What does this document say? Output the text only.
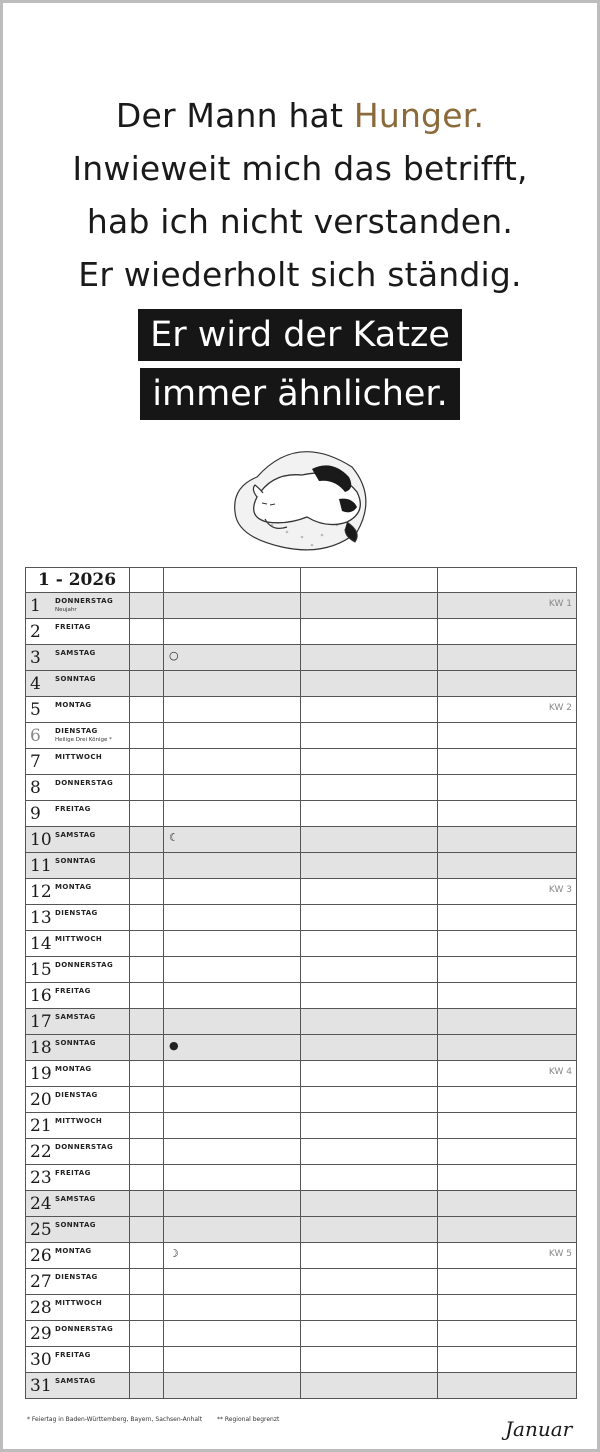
Der Mann hat Hunger.
Inwieweit mich das betrifft,
hab ich nicht verstanden.
Er wiederholt sich ständig.
Er wird der Katze
immer ähnlicher.
1 - 2026				

1 DONNERSTAG
Neujahr				KW 1

2 FREITAG				

3 SAMSTAG		○		

4 SONNTAG				

5 MONTAG				KW 2

6 DIENSTAG
Heilige Drei Könige *				

7 MITTWOCH				

8 DONNERSTAG				

9 FREITAG				

10 SAMSTAG		☾		

11 SONNTAG				

12 MONTAG				KW 3

13 DIENSTAG				

14 MITTWOCH				

15 DONNERSTAG				

16 FREITAG				

17 SAMSTAG				

18 SONNTAG		●		

19 MONTAG				KW 4

20 DIENSTAG				

21 MITTWOCH				

22 DONNERSTAG				

23 FREITAG				

24 SAMSTAG				

25 SONNTAG				

26 MONTAG		☽		KW 5

27 DIENSTAG				

28 MITTWOCH				

29 DONNERSTAG				

30 FREITAG				

31 SAMSTAG				

* Feiertag in Baden-Württemberg, Bayern, Sachsen-Anhalt ** Regional begrenzt	Januar
